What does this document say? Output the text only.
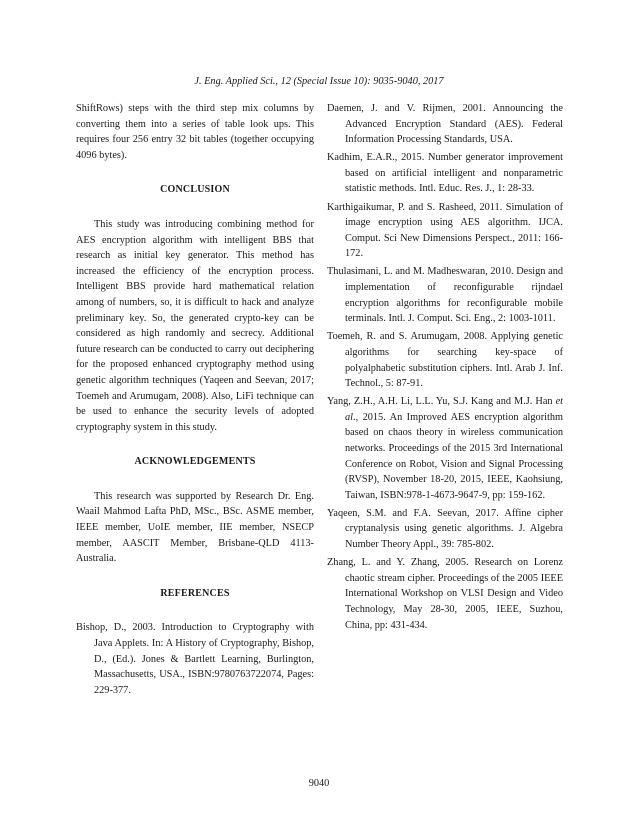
J. Eng. Applied Sci., 12 (Special Issue 10): 9035-9040, 2017

ShiftRows) steps with the third step mix columns by converting them into a series of table look ups. This requires four 256 entry 32 bit tables (together occupying 4096 bytes).

CONCLUSION

This study was introducing combining method for AES encryption algorithm with intelligent BBS that research as initial key generator. This method has increased the efficiency of the encryption process. Intelligent BBS provide hard mathematical relation among of numbers, so, it is difficult to hack and analyze preliminary key. So, the generated crypto-key can be considered as high randomly and secrecy. Additional future research can be conducted to carry out deciphering for the proposed enhanced cryptography method using genetic algorithm techniques (Yaqeen and Seevan, 2017; Toemeh and Arumugam, 2008). Also, LiFi technique can be used to enhance the security levels of adopted cryptography system in this study.

ACKNOWLEDGEMENTS

This research was supported by Research Dr. Eng. Waail Mahmod Lafta PhD, MSc., BSc. ASME member, IEEE member, UoIE member, IIE member, NSECP member, AASCIT Member, Brisbane-QLD 4113-Australia.

REFERENCES

Bishop, D., 2003. Introduction to Cryptography with Java Applets. In: A History of Cryptography, Bishop, D., (Ed.). Jones & Bartlett Learning, Burlington, Massachusetts, USA., ISBN:9780763722074, Pages: 229-377.

Daemen, J. and V. Rijmen, 2001. Announcing the Advanced Encryption Standard (AES). Federal Information Processing Standards, USA.

Kadhim, E.A.R., 2015. Number generator improvement based on artificial intelligent and nonparametric statistic methods. Intl. Educ. Res. J., 1: 28-33.

Karthigaikumar, P. and S. Rasheed, 2011. Simulation of image encryption using AES algorithm. IJCA. Comput. Sci New Dimensions Perspect., 2011: 166-172.

Thulasimani, L. and M. Madheswaran, 2010. Design and implementation of reconfigurable rijndael encryption algorithms for reconfigurable mobile terminals. Intl. J. Comput. Sci. Eng., 2: 1003-1011.

Toemeh, R. and S. Arumugam, 2008. Applying genetic algorithms for searching key-space of polyalphabetic substitution ciphers. Intl. Arab J. Inf. Technol., 5: 87-91.

Yang, Z.H., A.H. Li, L.L. Yu, S.J. Kang and M.J. Han et al., 2015. An Improved AES encryption algorithm based on chaos theory in wireless communication networks. Proceedings of the 2015 3rd International Conference on Robot, Vision and Signal Processing (RVSP), November 18-20, 2015, IEEE, Kaohsiung, Taiwan, ISBN:978-1-4673-9647-9, pp: 159-162.

Yaqeen, S.M. and F.A. Seevan, 2017. Affine cipher cryptanalysis using genetic algorithms. J. Algebra Number Theory Appl., 39: 785-802.

Zhang, L. and Y. Zhang, 2005. Research on Lorenz chaotic stream cipher. Proceedings of the 2005 IEEE International Workshop on VLSI Design and Video Technology, May 28-30, 2005, IEEE, Suzhou, China, pp: 431-434.

9040
